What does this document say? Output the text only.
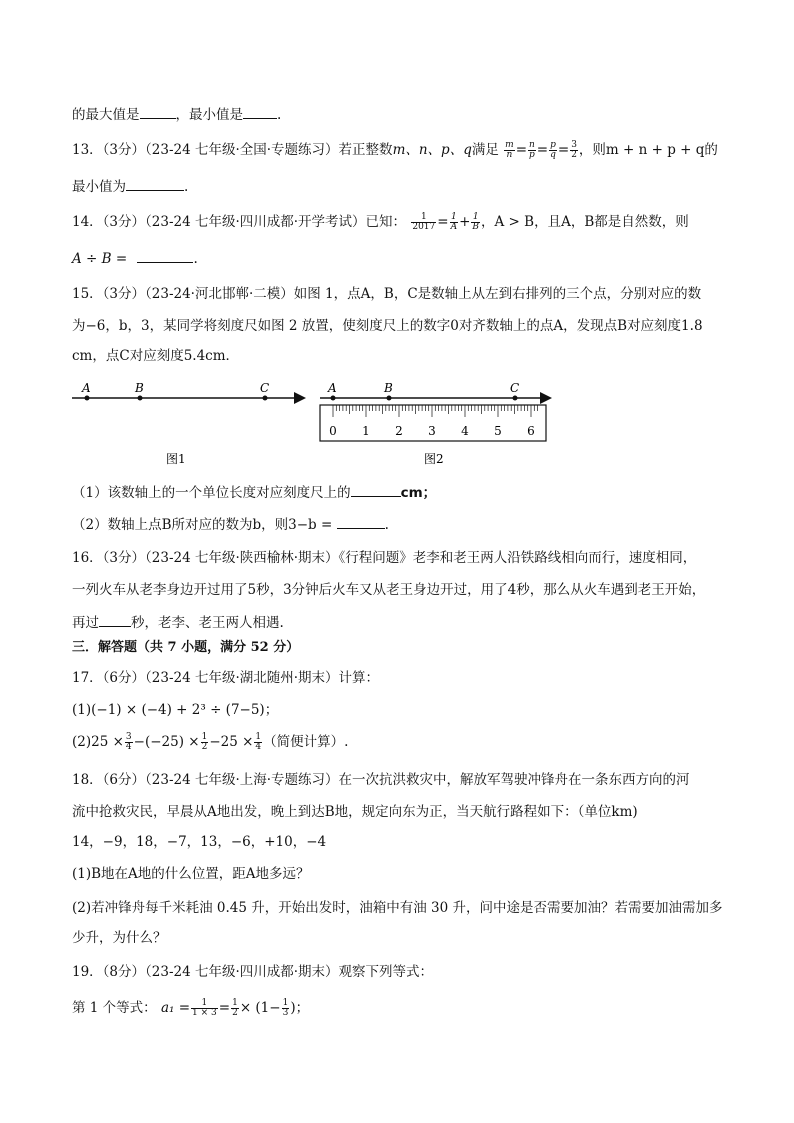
的最大值是	，最小值是	.
13．（3分）（23-24 七年级·全国·专题练习）若正整数m、n、p、q满足 $\frac{m}{n} = \frac{n}{p} = \frac{p}{q} = \frac{3}{2}$ ，则m + n + p + q的
最小值为	.
14．（3分）（23-24 七年级·四川成都·开学考试）已知： $\frac{1}{2017} = \frac{1}{A} + \frac{1}{B}$ ，A > B，且A，B都是自然数，则
A ÷ B =	.
15．（3分）（23-24·河北邯郸·二模）如图 1，点A，B，C是数轴上从左到右排列的三个点，分别对应的数
为−6，b，3，某同学将刻度尺如图 2 放置，使刻度尺上的数字0对齐数轴上的点A，发现点B对应刻度1.8
cm，点C对应刻度5.4cm．
A	B	C
图1
A	B	C
0 1 2 3 4 5 6
图2
（1）该数轴上的一个单位长度对应刻度尺上的	cm；
（2）数轴上点B所对应的数为b，则3−b =	.
16．（3分）（23-24 七年级·陕西榆林·期末）《行程问题》老李和老王两人沿铁路线相向而行，速度相同，
一列火车从老李身边开过用了5秒，3分钟后火车又从老王身边开过，用了4秒，那么从火车遇到老王开始，
再过 秒，老李、老王两人相遇.
三．解答题（共 7 小题，满分 52 分）
17．（6分）（23-24 七年级·湖北随州·期末）计算：
(1)(−1) × (−4) + 2³ ÷ (7−5)；
$(2)25 \times \frac{3}{4} -(-25) \times \frac{1}{2} -25 \times \frac{1}{4}$ （简便计算）.
18．（6分）（23-24 七年级·上海·专题练习）在一次抗洪救灾中，解放军驾驶冲锋舟在一条东西方向的河
流中抢救灾民，早晨从A地出发，晚上到达B地，规定向东为正，当天航行路程如下：（单位km)
14，−9，18，−7，13，−6，+10，−4
(1)B地在A地的什么位置，距A地多远？
(2)若冲锋舟每千米耗油 0.45 升，开始出发时，油箱中有油 30 升，问中途是否需要加油？若需要加油需加多
少升，为什么？
19．（8分）（23-24 七年级·四川成都·期末）观察下列等式：
第 1 个等式： $a_1 = \frac{1}{1 \times 3} = \frac{1}{2} \times (1- \frac{1}{3}$ )；
